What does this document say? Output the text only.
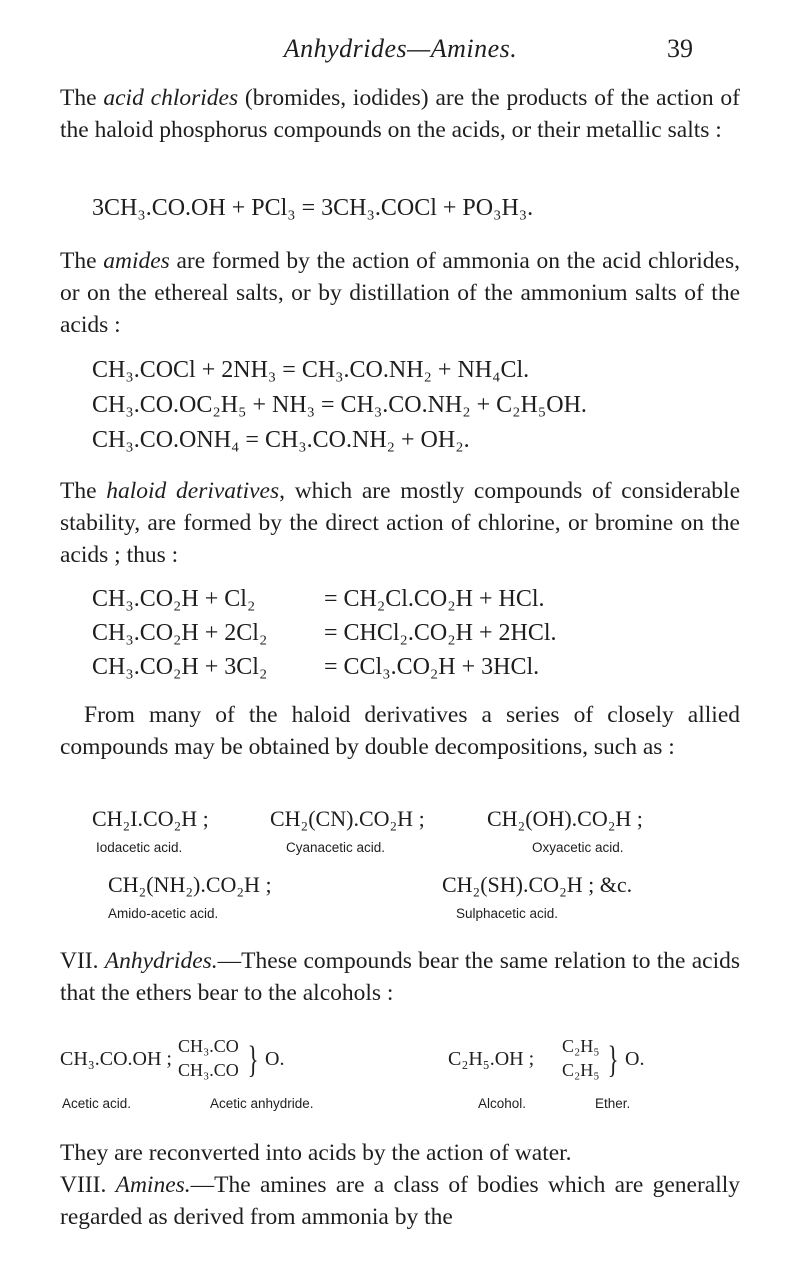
Anhydrides—Amines.	39

The acid chlorides (bromides, iodides) are the products of the action of the haloid phosphorus compounds on the acids, or their metallic salts :

3CH₃.CO.OH + PCl₃ = 3CH₃.COCl + PO₃H₃.

The amides are formed by the action of ammonia on the acid chlorides, or on the ethereal salts, or by distillation of the ammonium salts of the acids :

CH₃.COCl + 2NH₃ = CH₃.CO.NH₂ + NH₄Cl.
CH₃.CO.OC₂H₅ + NH₃ = CH₃.CO.NH₂ + C₂H₅OH.
CH₃.CO.ONH₄ = CH₃.CO.NH₂ + OH₂.

The haloid derivatives, which are mostly compounds of considerable stability, are formed by the direct action of chlorine, or bromine on the acids ; thus :

CH₃.CO₂H + Cl₂	= CH₂Cl.CO₂H + HCl.
CH₃.CO₂H + 2Cl₂ = CHCl₂.CO₂H + 2HCl.
CH₃.CO₂H + 3Cl₂ = CCl₃.CO₂H + 3HCl.

From many of the haloid derivatives a series of closely allied compounds may be obtained by double decompositions, such as :

CH₂I.CO₂H ;
Iodacetic acid.
CH₂(CN).CO₂H ;
Cyanacetic acid.
CH₂(OH).CO₂H ;
Oxyacetic acid.
CH₂(NH₂).CO₂H ;
Amido-acetic acid.
CH₂(SH).CO₂H ; &c.
Sulphacetic acid.

VII. Anhydrides.—These compounds bear the same relation to the acids that the ethers bear to the alcohols :

CH₃.CO.OH ;
CH₃.CO
CH₃.CO } O.	C₂H₅.OH ;
C₂H₅
C₂H₅ } O.
Acetic acid.	Acetic anhydride.	Alcohol.	Ether.

They are reconverted into acids by the action of water.

VIII. Amines.—The amines are a class of bodies which are generally regarded as derived from ammonia by the
